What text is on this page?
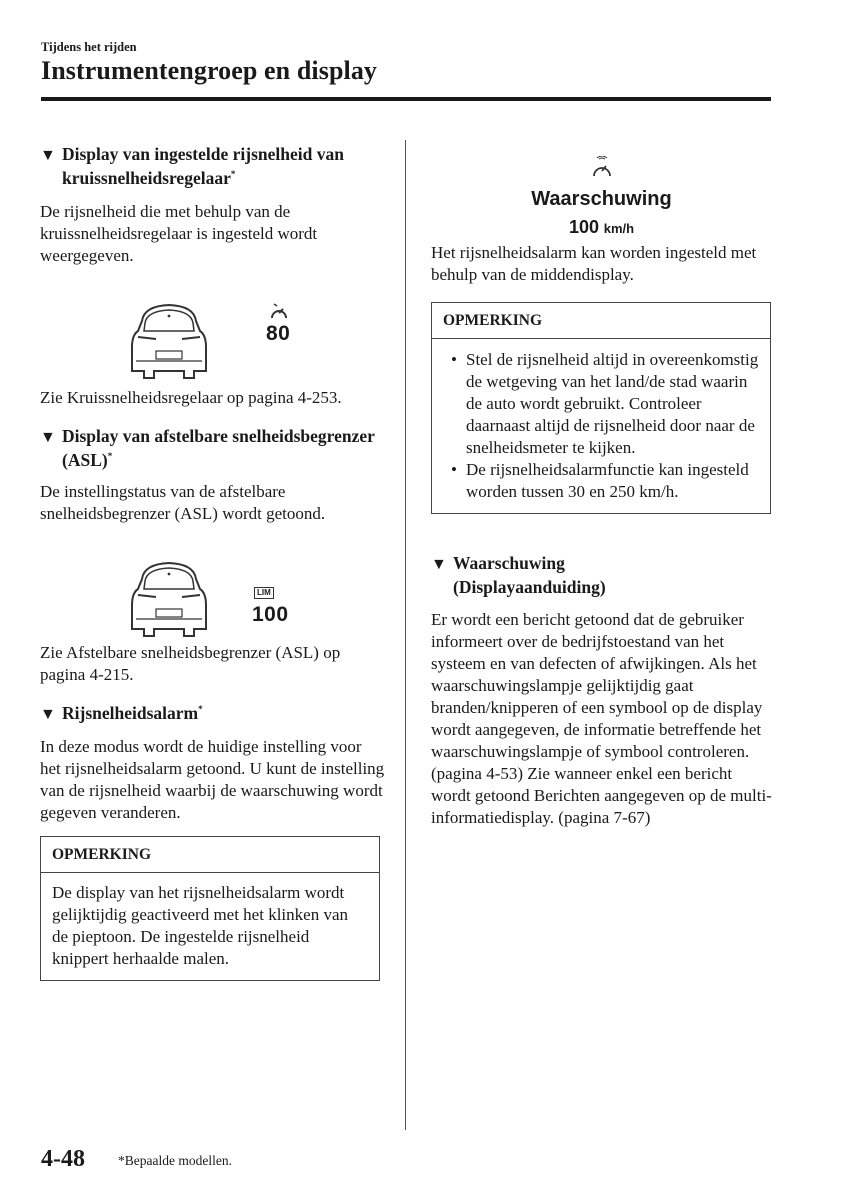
Tijdens het rijden
Instrumentengroep en display
▼ Display van ingestelde rijsnelheid van kruissnelheidsregelaar*

De rijsnelheid die met behulp van de kruissnelheidsregelaar is ingesteld wordt weergegeven.

80

Zie Kruissnelheidsregelaar op pagina 4-253.

▼ Display van afstelbare snelheidsbegrenzer (ASL)*

De instellingstatus van de afstelbare snelheidsbegrenzer (ASL) wordt getoond.

LIM
100

Zie Afstelbare snelheidsbegrenzer (ASL) op pagina 4-215.

▼ Rijsnelheidsalarm*

In deze modus wordt de huidige instelling voor het rijsnelheidsalarm getoond. U kunt de instelling van de rijsnelheid waarbij de waarschuwing wordt gegeven veranderen.

OPMERKING
De display van het rijsnelheidsalarm wordt gelijktijdig geactiveerd met het klinken van de pieptoon. De ingestelde rijsnelheid knippert herhaalde malen.
Waarschuwing
100 km/h

Het rijsnelheidsalarm kan worden ingesteld met behulp van de middendisplay.

OPMERKING
• Stel de rijsnelheid altijd in overeenkomstig de wetgeving van het land/de stad waarin de auto wordt gebruikt. Controleer daarnaast altijd de rijsnelheid door naar de snelheidsmeter te kijken.
• De rijsnelheidsalarmfunctie kan ingesteld worden tussen 30 en 250 km/h.
▼ Waarschuwing
(Displayaanduiding)

Er wordt een bericht getoond dat de gebruiker informeert over de bedrijfstoestand van het systeem en van defecten of afwijkingen. Als het waarschuwingslampje gelijktijdig gaat branden/knipperen of een symbool op de display wordt aangegeven, de informatie betreffende het waarschuwingslampje of symbool controleren. (pagina 4-53) Zie wanneer enkel een bericht wordt getoond Berichten aangegeven op de multi-informatiedisplay. (pagina 7-67)

4-48 *Bepaalde modellen.
